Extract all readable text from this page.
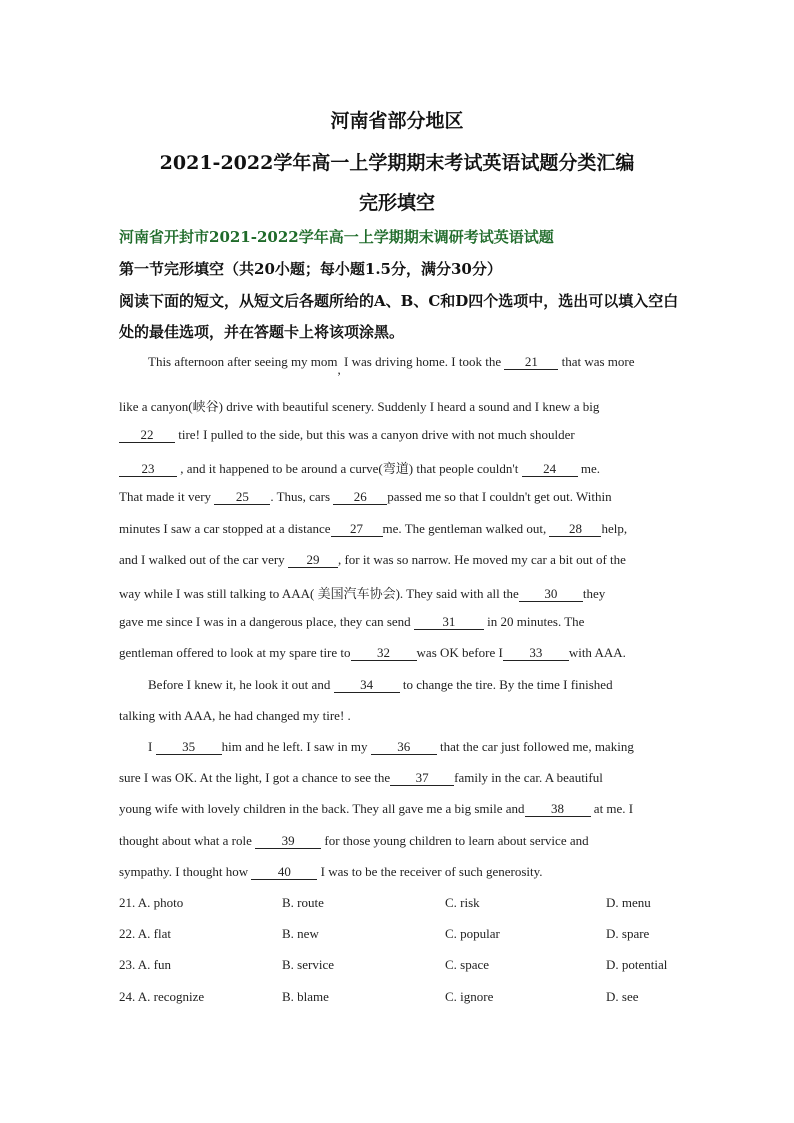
河南省部分地区
2021-2022学年高一上学期期末考试英语试题分类汇编
完形填空

河南省开封市2021-2022学年高一上学期期末调研考试英语试题

第一节完形填空（共20小题；每小题1.5分，满分30分）

阅读下面的短文，从短文后各题所给的A、B、C和D四个选项中，选出可以填入空白处的最佳选项，并在答题卡上将该项涂黑。

This afternoon after seeing my mom, I was driving home. I took the 21 that was more

like a canyon(峡谷) drive with beautiful scenery. Suddenly I heard a sound and I knew a big

22 tire! I pulled to the side, but this was a canyon drive with not much shoulder

23 , and it happened to be around a curve(弯道) that people couldn't 24 me.

That made it very 25 . Thus, cars 26 passed me so that I couldn't get out. Within

minutes I saw a car stopped at a distance 27 me. The gentleman walked out, 28 help,

and I walked out of the car very 29 , for it was so narrow. He moved my car a bit out of the

way while I was still talking to AAA( 美国汽车协会). They said with all the 30 they

gave me since I was in a dangerous place, they can send 31 in 20 minutes. The

gentleman offered to look at my spare tire to 32 was OK before I 33 with AAA.

Before I knew it, he look it out and 34 to change the tire. By the time I finished

talking with AAA, he had changed my tire! .

I 35 him and he left. I saw in my 36 that the car just followed me, making

sure I was OK. At the light, I got a chance to see the 37 family in the car. A beautiful

young wife with lovely children in the back. They all gave me a big smile and 38 at me. I

thought about what a role 39 for those young children to learn about service and

sympathy. I thought how 40 I was to be the receiver of such generosity.

21. A. photo	B. route	C. risk	D. menu

22. A. flat	B. new	C. popular	D. spare

23. A. fun	B. service	C. space	D. potential

24. A. recognize	B. blame	C. ignore	D. see
